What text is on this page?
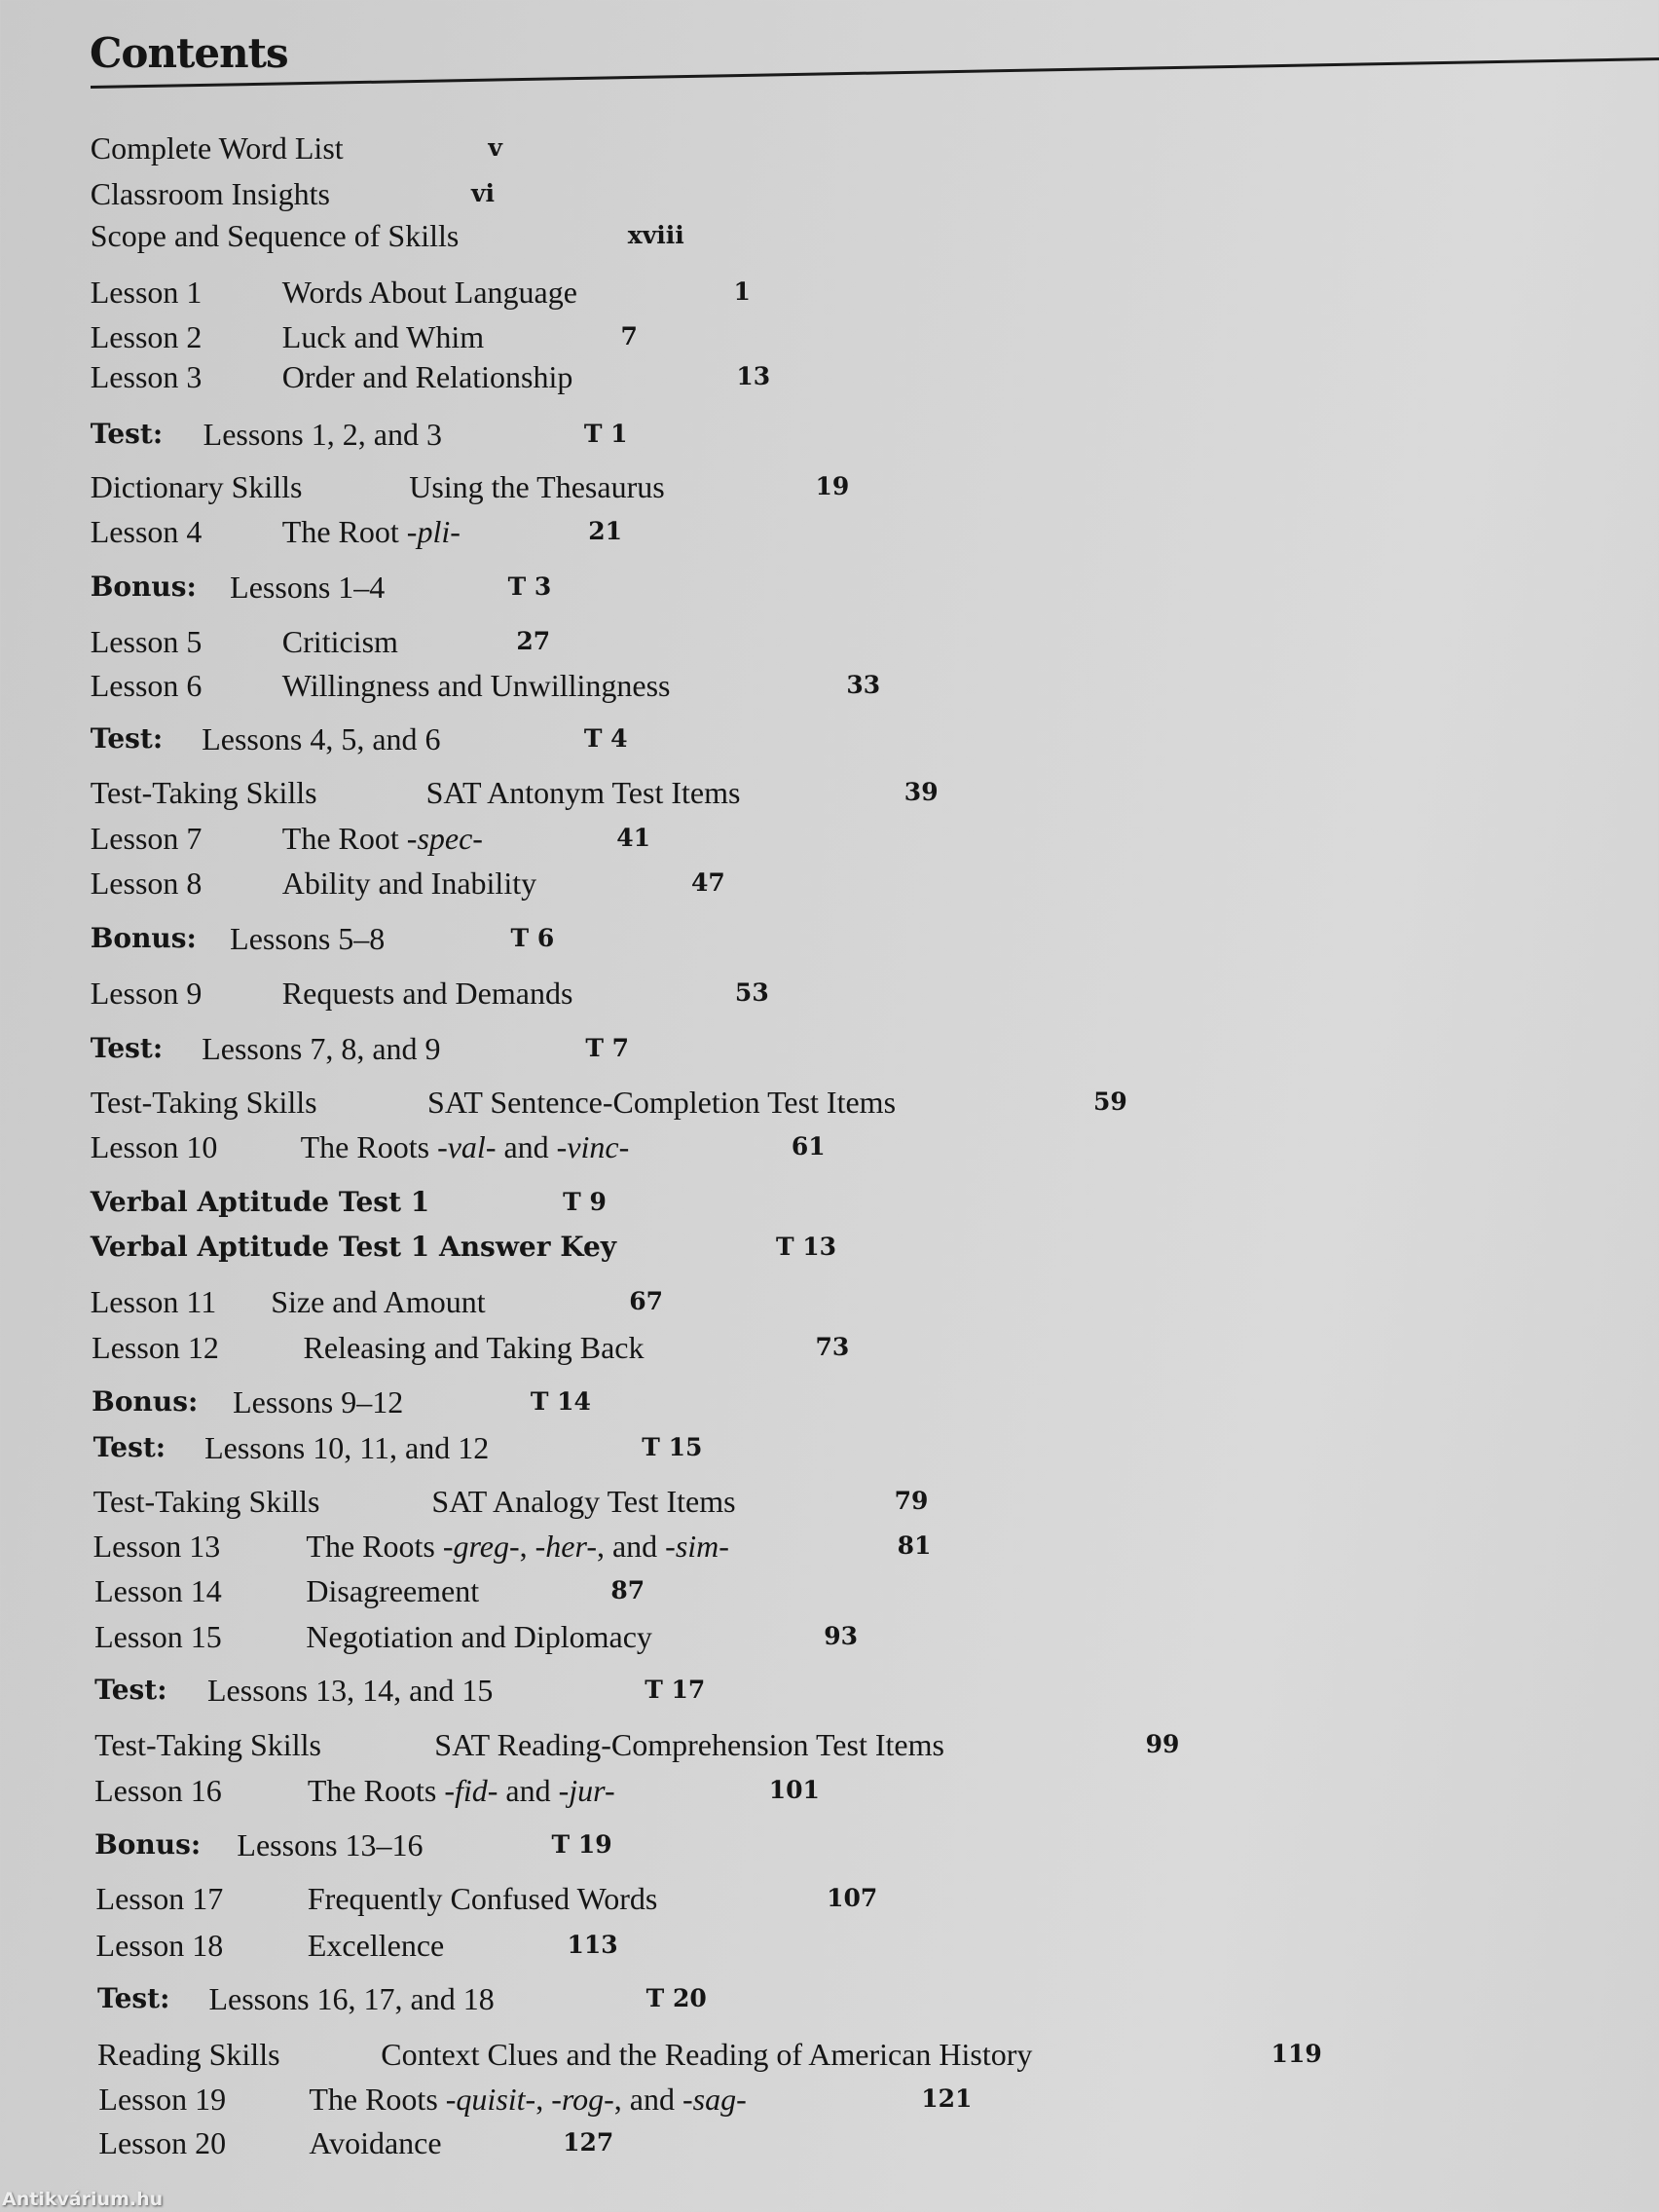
Contents
Complete Word List	v
Classroom Insights	vi
Scope and Sequence of Skills	xviii
Lesson 1	Words About Language	1
Lesson 2	Luck and Whim	7
Lesson 3	Order and Relationship	13
Test: Lessons 1, 2, and 3	T 1
Dictionary Skills	Using the Thesaurus	19
Lesson 4	The Root -pli-	21
Bonus: Lessons 1–4	T 3
Lesson 5	Criticism	27
Lesson 6	Willingness and Unwillingness	33
Test: Lessons 4, 5, and 6	T 4
Test-Taking Skills	SAT Antonym Test Items	39
Lesson 7	The Root -spec-	41
Lesson 8	Ability and Inability	47
Bonus: Lessons 5–8	T 6
Lesson 9	Requests and Demands	53
Test: Lessons 7, 8, and 9	T 7
Test-Taking Skills	SAT Sentence-Completion Test Items	59
Lesson 10	The Roots -val- and -vinc-	61
Verbal Aptitude Test 1	T 9
Verbal Aptitude Test 1 Answer Key	T 13
Lesson 11 Size and Amount	67
Lesson 12	Releasing and Taking Back	73
Bonus: Lessons 9–12	T 14
Test: Lessons 10, 11, and 12	T 15
Test-Taking Skills	SAT Analogy Test Items	79
Lesson 13	The Roots -greg-, -her-, and -sim-	81
Lesson 14	Disagreement	87
Lesson 15	Negotiation and Diplomacy	93
Test: Lessons 13, 14, and 15	T 17
Test-Taking Skills	SAT Reading-Comprehension Test Items	99
Lesson 16	The Roots -fid- and -jur-	101
Bonus: Lessons 13–16	T 19
Lesson 17	Frequently Confused Words	107
Lesson 18	Excellence	113
Test: Lessons 16, 17, and 18	T 20
Reading Skills	Context Clues and the Reading of American History	119
Lesson 19	The Roots -quisit-, -rog-, and -sag-	121
Lesson 20	Avoidance	127
Antikvárium.hu
